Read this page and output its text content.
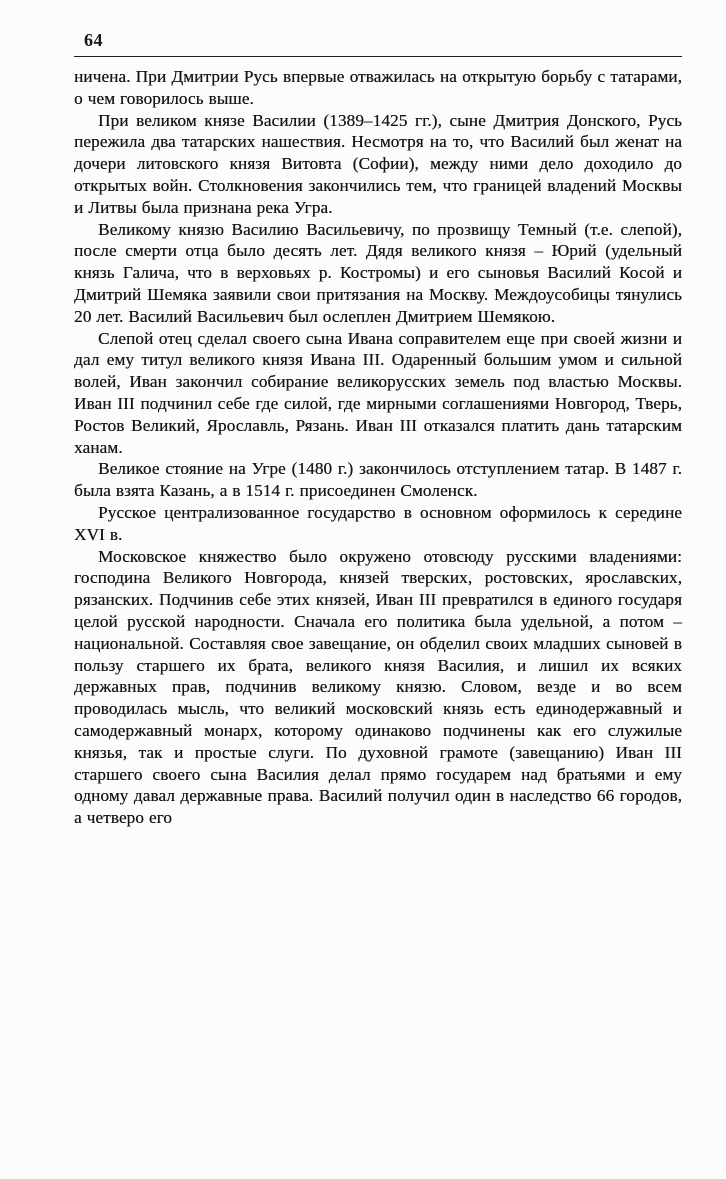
64

ничена. При Дмитрии Русь впервые отважилась на открытую борьбу с татарами, о чем говорилось выше.

При великом князе Василии (1389–1425 гг.), сыне Дмитрия Донского, Русь пережила два татарских нашествия. Несмотря на то, что Василий был женат на дочери литовского князя Витовта (Софии), между ними дело доходило до открытых войн. Столкновения закончились тем, что границей владений Москвы и Литвы была признана река Угра.

Великому князю Василию Васильевичу, по прозвищу Темный (т.е. слепой), после смерти отца было десять лет. Дядя великого князя – Юрий (удельный князь Галича, что в верховьях р. Костромы) и его сыновья Василий Косой и Дмитрий Шемяка заявили свои притязания на Москву. Междоусобицы тянулись 20 лет. Василий Васильевич был ослеплен Дмитрием Шемякою.

Слепой отец сделал своего сына Ивана соправителем еще при своей жизни и дал ему титул великого князя Ивана III. Одаренный большим умом и сильной волей, Иван закончил собирание великорусских земель под властью Москвы. Иван III подчинил себе где силой, где мирными соглашениями Новгород, Тверь, Ростов Великий, Ярославль, Рязань. Иван III отказался платить дань татарским ханам.

Великое стояние на Угре (1480 г.) закончилось отступлением татар. В 1487 г. была взята Казань, а в 1514 г. присоединен Смоленск.

Русское централизованное государство в основном оформилось к середине XVI в.

Московское княжество было окружено отовсюду русскими владениями: господина Великого Новгорода, князей тверских, ростовских, ярославских, рязанских. Подчинив себе этих князей, Иван III превратился в единого государя целой русской народности. Сначала его политика была удельной, а потом – национальной. Составляя свое завещание, он обделил своих младших сыновей в пользу старшего их брата, великого князя Василия, и лишил их всяких державных прав, подчинив великому князю. Словом, везде и во всем проводилась мысль, что великий московский князь есть единодержавный и самодержавный монарх, которому одинаково подчинены как его служилые князья, так и простые слуги. По духовной грамоте (завещанию) Иван III старшего своего сына Василия делал прямо государем над братьями и ему одному давал державные права. Василий получил один в наследство 66 городов, а четверо его
